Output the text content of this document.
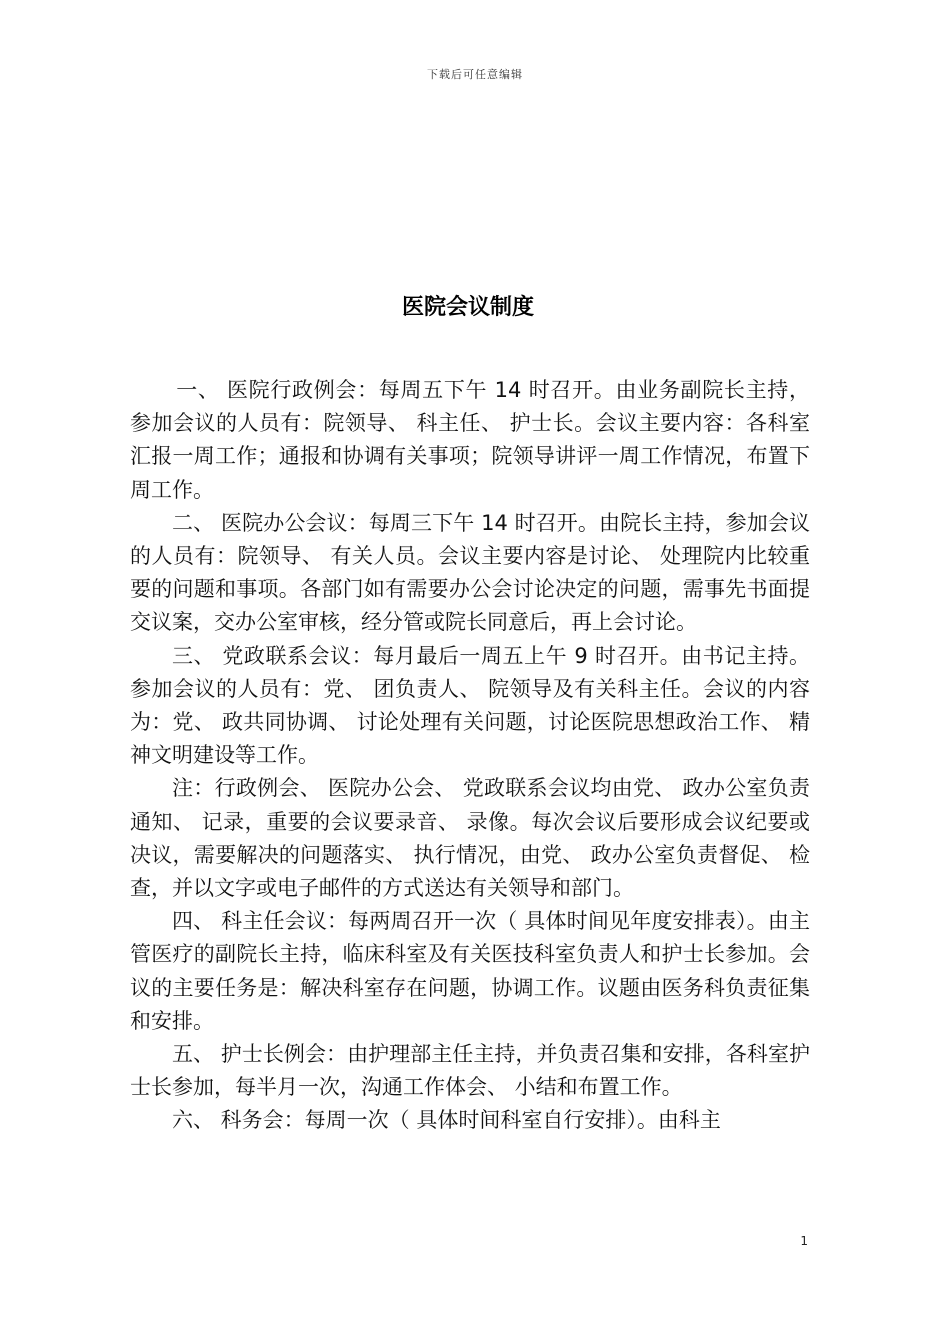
下载后可任意编辑
医院会议制度

一、 医院行政例会：每周五下午 14 时召开。由业务副院长主持，参加会议的人员有：院领导、 科主任、 护士长。会议主要内容：各科室汇报一周工作；通报和协调有关事项；院领导讲评一周工作情况，布置下周工作。

二、 医院办公会议：每周三下午 14 时召开。由院长主持，参加会议的人员有：院领导、 有关人员。会议主要内容是讨论、 处理院内比较重要的问题和事项。各部门如有需要办公会讨论决定的问题，需事先书面提交议案，交办公室审核，经分管或院长同意后，再上会讨论。

三、 党政联系会议：每月最后一周五上午 9 时召开。由书记主持。参加会议的人员有：党、 团负责人、 院领导及有关科主任。会议的内容为：党、 政共同协调、 讨论处理有关问题，讨论医院思想政治工作、 精神文明建设等工作。

注：行政例会、 医院办公会、 党政联系会议均由党、 政办公室负责通知、 记录，重要的会议要录音、 录像。每次会议后要形成会议纪要或决议，需要解决的问题落实、 执行情况，由党、 政办公室负责督促、 检查，并以文字或电子邮件的方式送达有关领导和部门。

四、 科主任会议：每两周召开一次（ 具体时间见年度安排表）。由主管医疗的副院长主持，临床科室及有关医技科室负责人和护士长参加。会议的主要任务是：解决科室存在问题，协调工作。议题由医务科负责征集和安排。

五、 护士长例会：由护理部主任主持，并负责召集和安排，各科室护士长参加，每半月一次，沟通工作体会、 小结和布置工作。

六、 科务会：每周一次（ 具体时间科室自行安排）。由科主

1
